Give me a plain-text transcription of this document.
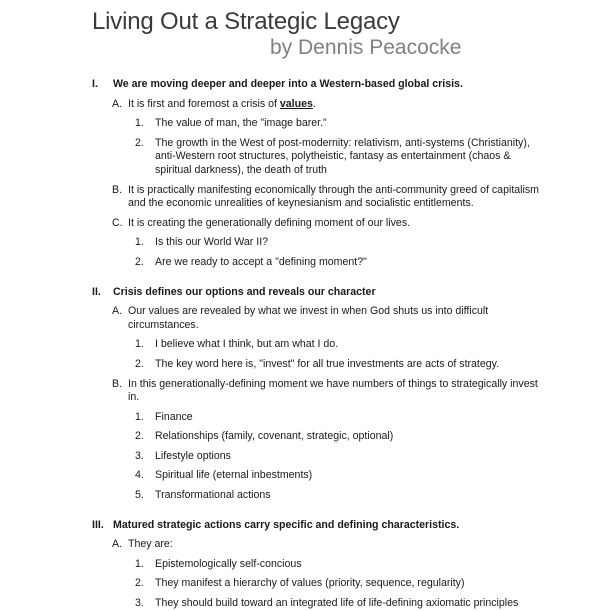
Living Out a Strategic Legacy
by Dennis Peacocke
I.	We are moving deeper and deeper into a Western-based global crisis.
A. It is first and foremost a crisis of values.
1.	The value of man, the "image barer."
2.	The growth in the West of post-modernity: relativism, anti-systems (Christianity), anti-Western root structures, polytheistic, fantasy as entertainment (chaos & spiritual darkness), the death of truth
B. It is practically manifesting economically through the anti-community greed of capitalism and the economic unrealities of keynesianism and socialistic entitlements.
C. It is creating the generationally defining moment of our lives.
1.	Is this our World War II?
2.	Are we ready to accept a "defining moment?"
II.	Crisis defines our options and reveals our character
A. Our values are revealed by what we invest in when God shuts us into difficult circumstances.
1.	I believe what I think, but am what I do.
2.	The key word here is, "invest" for all true investments are acts of strategy.
B. In this generationally-defining moment we have numbers of things to strategically invest in.
1.	Finance
2.	Relationships (family, covenant, strategic, optional)
3.	Lifestyle options
4.	Spiritual life (eternal inbestments)
5.	Transformational actions
III. Matured strategic actions carry specific and defining characteristics.
A. They are:
1.	Epistemologically self-concious
2.	They manifest a hierarchy of values (priority, sequence, regularity)
3.	They should build toward an integrated life of life-defining axiomatic principles
